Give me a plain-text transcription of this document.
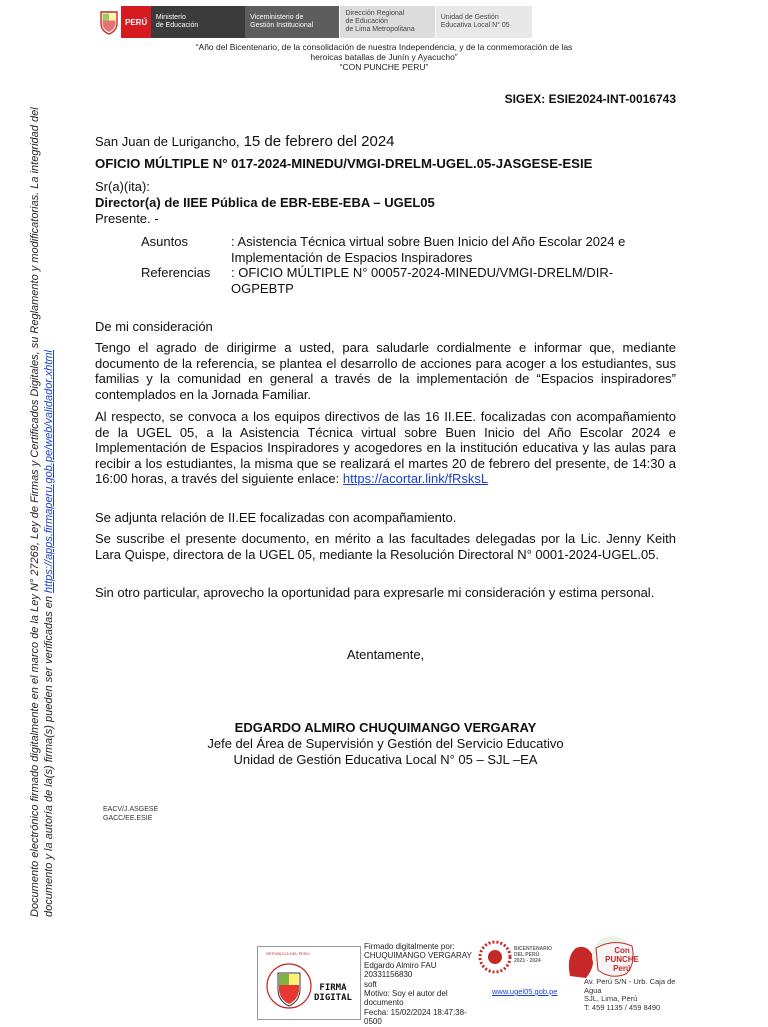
PERÚ	Ministerio
de Educación
Viceministerio de
Gestión Institucional
Dirección Regional
de Educación
de Lima Metropolitana
Unidad de Gestión
Educativa Local N° 05
“Año del Bicentenario, de la consolidación de nuestra Independencia, y de la conmemoración de las
heroicas batallas de Junín y Ayacucho”
“CON PUNCHE PERU”
SIGEX: ESIE2024-INT-0016743
San Juan de Lurigancho, 15 de febrero del 2024
OFICIO MÚLTIPLE N° 017-2024-MINEDU/VMGI-DRELM-UGEL.05-JASGESE-ESIE
Sr(a)(ita):
Director(a) de IIEE Pública de EBR-EBE-EBA – UGEL05
Presente. -
Asuntos	: Asistencia Técnica virtual sobre Buen Inicio del Año Escolar 2024 e
Implementación de Espacios Inspiradores
Referencias : OFICIO MÚLTIPLE N° 00057-2024-MINEDU/VMGI-DRELM/DIR-
OGPEBTP
De mi consideración
Tengo el agrado de dirigirme a usted, para saludarle cordialmente e informar que, mediante documento de la referencia, se plantea el desarrollo de acciones para acoger a los estudiantes, sus familias y la comunidad en general a través de la implementación de “Espacios inspiradores” contemplados en la Jornada Familiar.
Al respecto, se convoca a los equipos directivos de las 16 II.EE. focalizadas con acompañamiento de la UGEL 05, a la Asistencia Técnica virtual sobre Buen Inicio del Año Escolar 2024 e Implementación de Espacios Inspiradores y acogedores en la institución educativa y las aulas para recibir a los estudiantes, la misma que se realizará el martes 20 de febrero del presente, de 14:30 a 16:00 horas, a través del siguiente enlace: https://acortar.link/fRsksL
Se adjunta relación de II.EE focalizadas con acompañamiento.
Se suscribe el presente documento, en mérito a las facultades delegadas por la Lic. Jenny Keith Lara Quispe, directora de la UGEL 05, mediante la Resolución Directoral N° 0001-2024-UGEL.05.
Sin otro particular, aprovecho la oportunidad para expresarle mi consideración y estima personal.
Atentamente,
EDGARDO ALMIRO CHUQUIMANGO VERGARAY
Jefe del Área de Supervisión y Gestión del Servicio Educativo
Unidad de Gestión Educativa Local N° 05 – SJL –EA
EACV/J.ASGESE
GACC/EE.ESIE
Documento electrónico firmado digitalmente en el marco de la Ley N° 27269, Ley de Firmas y Certificados Digitales, su Reglamento y modificatorias. La integridad del documento y la autoría de la(s) firma(s) pueden ser verificadas en https://apps.firmaperu.gob.pe/web/validador.xhtml
REPUBLICA DEL PERU
FIRMA
DIGITAL
Firmado digitalmente por:
CHUQUIMANGO VERGARAY
Edgardo Almiro FAU 20331156830
soft
Motivo: Soy el autor del
documento
Fecha: 15/02/2024 18:47:38-0500
BICENTENARIO
DEL PERÚ
2021 - 2024
www.ugel05.gob.pe
Con PUNCHE Perú
Av. Perú S/N - Urb. Caja de Agua
SJL, Lima, Perú
T: 459 1135 / 459 8490
